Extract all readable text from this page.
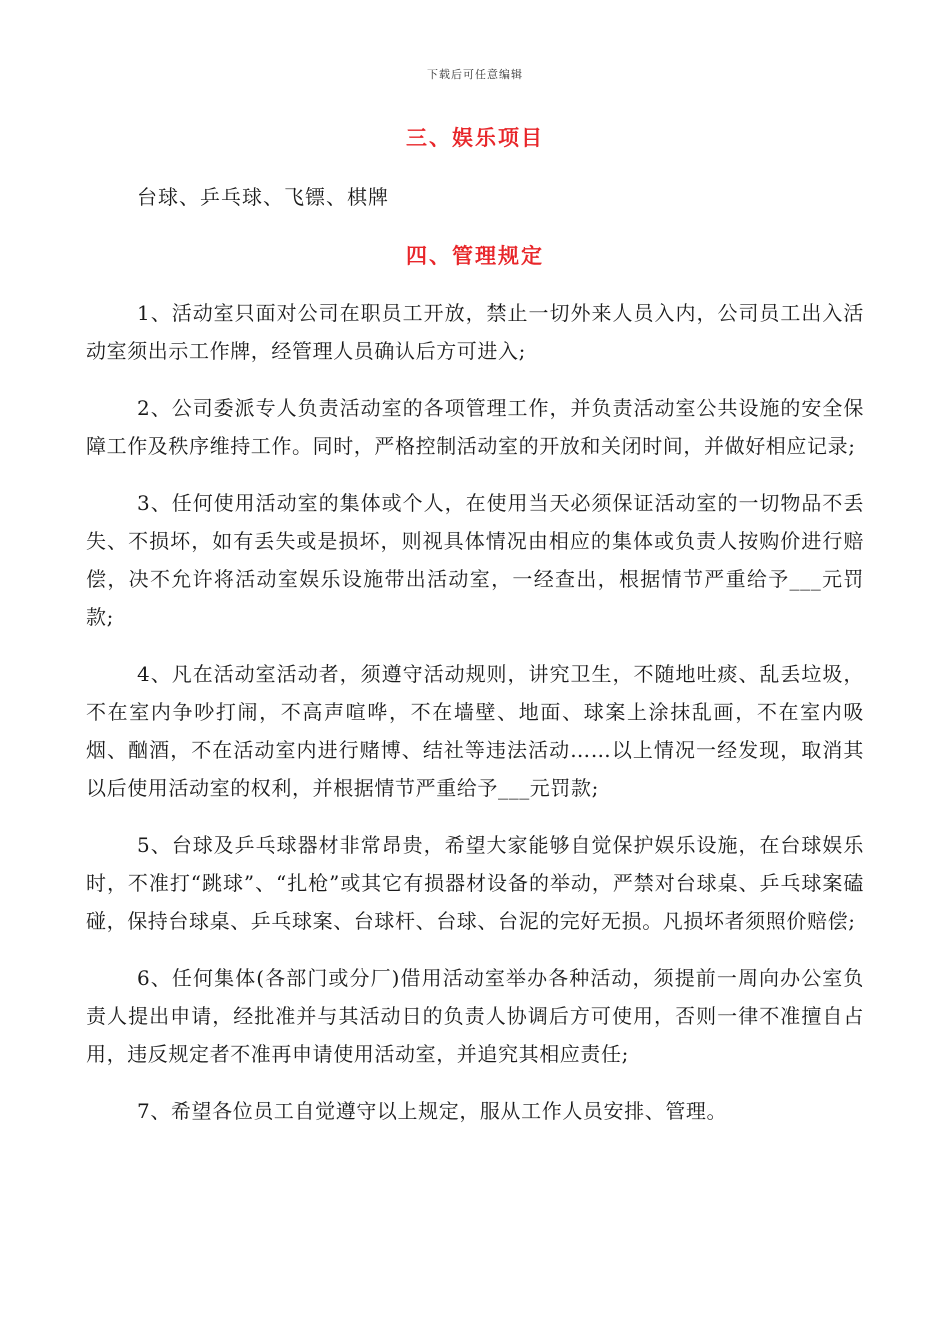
下载后可任意编辑
三、娱乐项目
台球、乒乓球、飞镖、棋牌
四、管理规定

1、活动室只面对公司在职员工开放，禁止一切外来人员入内，公司员工出入活动室须出示工作牌，经管理人员确认后方可进入;

2、公司委派专人负责活动室的各项管理工作，并负责活动室公共设施的安全保障工作及秩序维持工作。同时，严格控制活动室的开放和关闭时间，并做好相应记录;

3、任何使用活动室的集体或个人，在使用当天必须保证活动室的一切物品不丢失、不损坏，如有丢失或是损坏，则视具体情况由相应的集体或负责人按购价进行赔偿，决不允许将活动室娱乐设施带出活动室，一经查出，根据情节严重给予___元罚款;

4、凡在活动室活动者，须遵守活动规则，讲究卫生，不随地吐痰、乱丢垃圾，不在室内争吵打闹，不高声喧哗，不在墙壁、地面、球案上涂抹乱画，不在室内吸烟、酗酒，不在活动室内进行赌博、结社等违法活动……以上情况一经发现，取消其以后使用活动室的权利，并根据情节严重给予___元罚款;

5、台球及乒乓球器材非常昂贵，希望大家能够自觉保护娱乐设施，在台球娱乐时，不准打“跳球”、“扎枪”或其它有损器材设备的举动，严禁对台球桌、乒乓球案磕碰，保持台球桌、乒乓球案、台球杆、台球、台泥的完好无损。凡损坏者须照价赔偿;

6、任何集体(各部门或分厂)借用活动室举办各种活动，须提前一周向办公室负责人提出申请，经批准并与其活动日的负责人协调后方可使用，否则一律不准擅自占用，违反规定者不准再申请使用活动室，并追究其相应责任;

7、希望各位员工自觉遵守以上规定，服从工作人员安排、管理。
